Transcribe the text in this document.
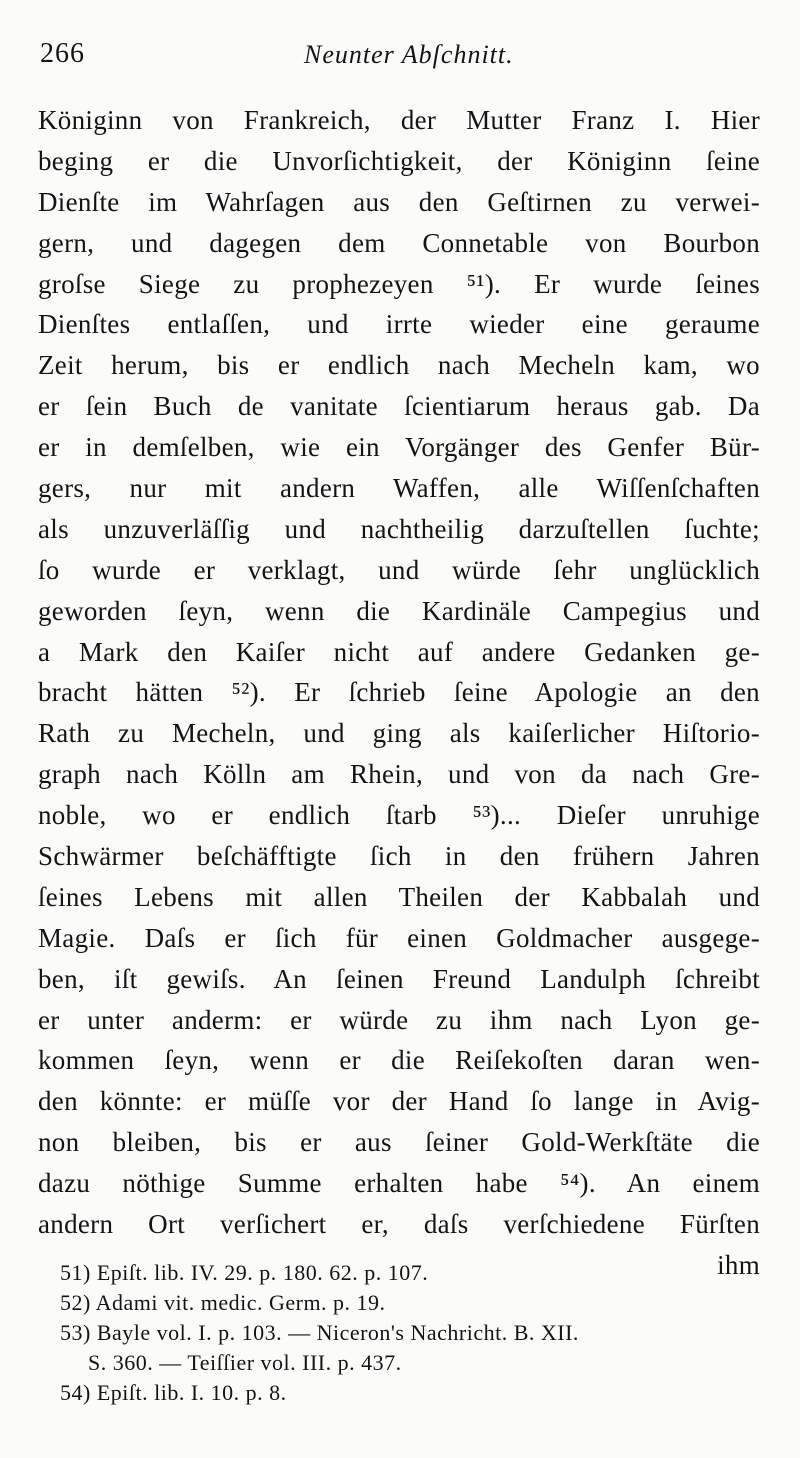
266	Neunter Abſchnitt.
Königinn von Frankreich, der Mutter Franz I. Hier
beging er die Unvorſichtigkeit, der Königinn ſeine
Dienſte im Wahrſagen aus den Geſtirnen zu verwei-
gern, und dagegen dem Connetable von Bourbon
groſse Siege zu prophezeyen ⁵¹). Er wurde ſeines
Dienſtes entlaſſen, und irrte wieder eine geraume
Zeit herum, bis er endlich nach Mecheln kam, wo
er ſein Buch de vanitate ſcientiarum heraus gab. Da
er in demſelben, wie ein Vorgänger des Genfer Bür-
gers, nur mit andern Waffen, alle Wiſſenſchaften
als unzuverläſſig und nachtheilig darzuſtellen ſuchte;
ſo wurde er verklagt, und würde ſehr unglücklich
geworden ſeyn, wenn die Kardinäle Campegius und
a Mark den Kaiſer nicht auf andere Gedanken ge-
bracht hätten ⁵²). Er ſchrieb ſeine Apologie an den
Rath zu Mecheln, und ging als kaiſerlicher Hiſtorio-
graph nach Kölln am Rhein, und von da nach Gre-
noble, wo er endlich ſtarb ⁵³)... Dieſer unruhige
Schwärmer beſchäfftigte ſich in den frühern Jahren
ſeines Lebens mit allen Theilen der Kabbalah und
Magie. Daſs er ſich für einen Goldmacher ausgege-
ben, iſt gewiſs. An ſeinen Freund Landulph ſchreibt
er unter anderm: er würde zu ihm nach Lyon ge-
kommen ſeyn, wenn er die Reiſekoſten daran wen-
den könnte: er müſſe vor der Hand ſo lange in Avig-
non bleiben, bis er aus ſeiner Gold-Werkſtäte die
dazu nöthige Summe erhalten habe ⁵⁴). An einem
andern Ort verſichert er, daſs verſchiedene Fürſten
ihm
51) Epiſt. lib. IV. 29. p. 180. 62. p. 107.
52) Adami vit. medic. Germ. p. 19.
53) Bayle vol. I. p. 103. — Niceron's Nachricht. B. XII.
S. 360. — Teiſſier vol. III. p. 437.
54) Epiſt. lib. I. 10. p. 8.
